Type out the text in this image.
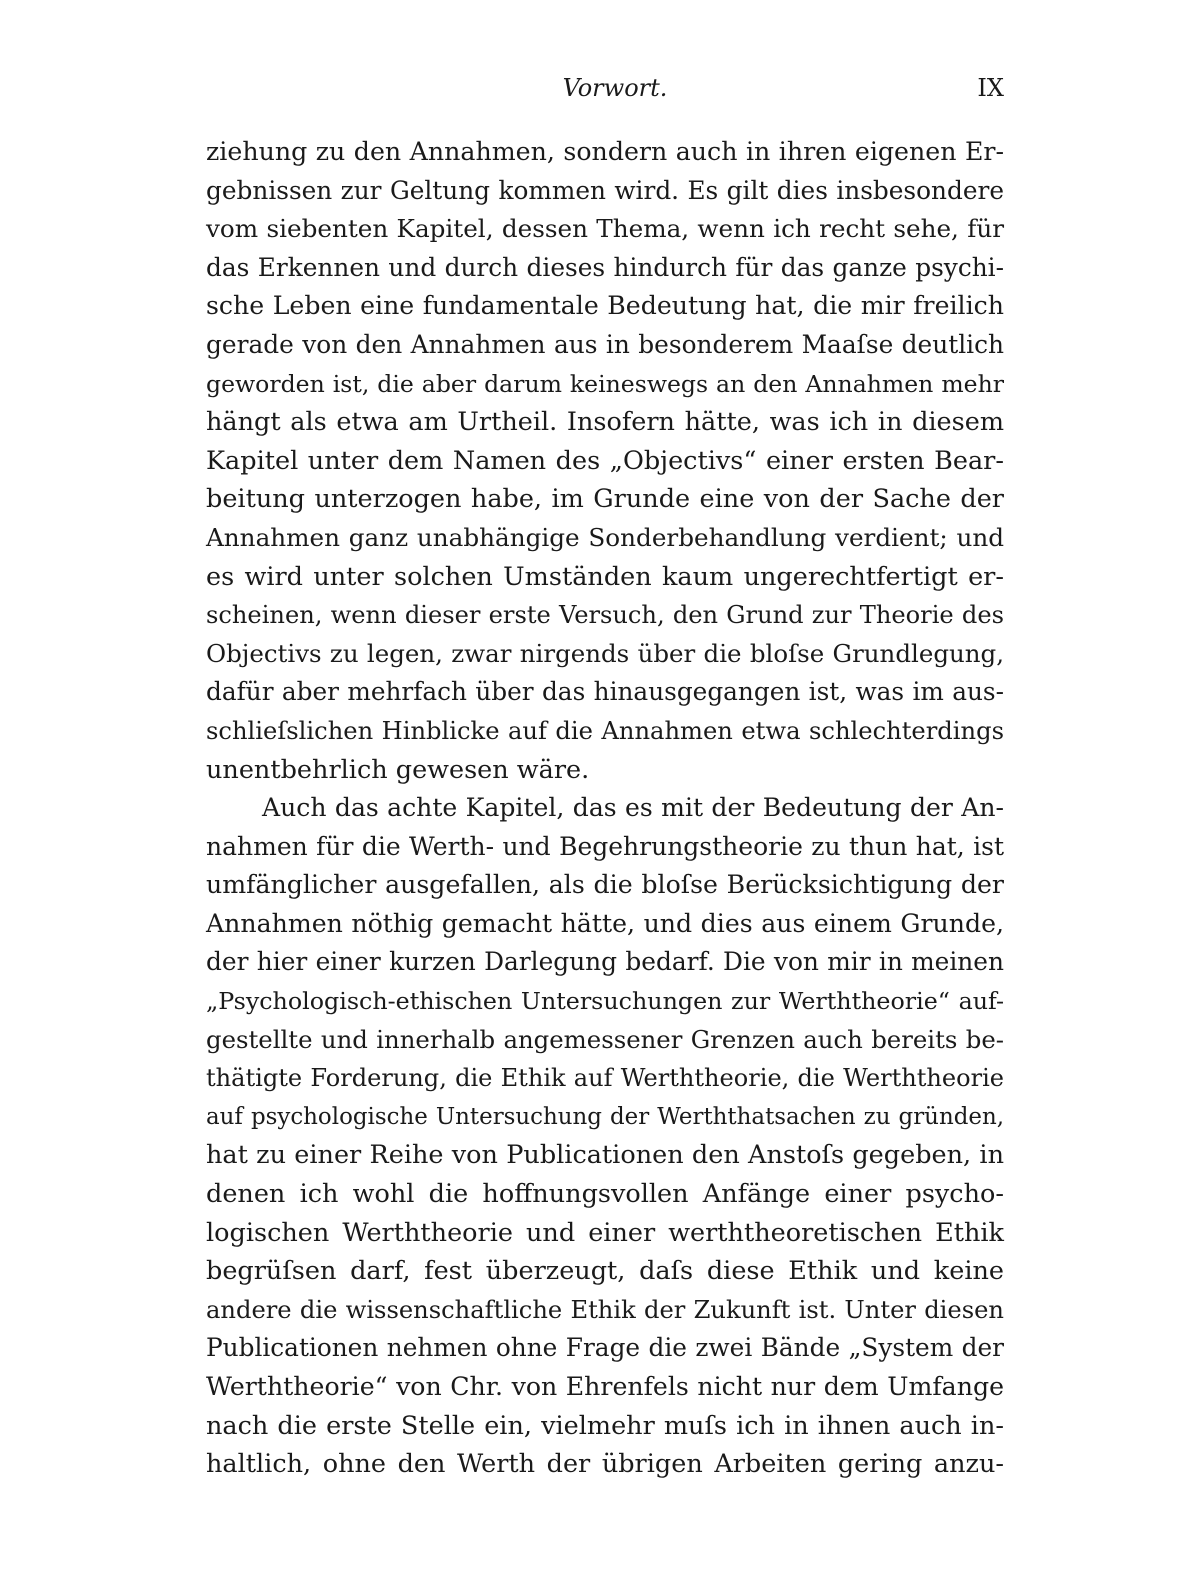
Vorwort.	IX
ziehung zu den Annahmen, sondern auch in ihren eigenen Er-
gebnissen zur Geltung kommen wird. Es gilt dies insbesondere
vom siebenten Kapitel, dessen Thema, wenn ich recht sehe, für
das Erkennen und durch dieses hindurch für das ganze psychi-
sche Leben eine fundamentale Bedeutung hat, die mir freilich
gerade von den Annahmen aus in besonderem Maaſse deutlich
geworden ist, die aber darum keineswegs an den Annahmen mehr
hängt als etwa am Urtheil. Insofern hätte, was ich in diesem
Kapitel unter dem Namen des „Objectivs“ einer ersten Bear-
beitung unterzogen habe, im Grunde eine von der Sache der
Annahmen ganz unabhängige Sonderbehandlung verdient; und
es wird unter solchen Umständen kaum ungerechtfertigt er-
scheinen, wenn dieser erste Versuch, den Grund zur Theorie des
Objectivs zu legen, zwar nirgends über die bloſse Grundlegung,
dafür aber mehrfach über das hinausgegangen ist, was im aus-
schlieſslichen Hinblicke auf die Annahmen etwa schlechterdings
unentbehrlich gewesen wäre.
Auch das achte Kapitel, das es mit der Bedeutung der An-
nahmen für die Werth- und Begehrungstheorie zu thun hat, ist
umfänglicher ausgefallen, als die bloſse Berücksichtigung der
Annahmen nöthig gemacht hätte, und dies aus einem Grunde,
der hier einer kurzen Darlegung bedarf. Die von mir in meinen
„Psychologisch-ethischen Untersuchungen zur Werththeorie“ auf-
gestellte und innerhalb angemessener Grenzen auch bereits be-
thätigte Forderung, die Ethik auf Werththeorie, die Werththeorie
auf psychologische Untersuchung der Werththatsachen zu gründen,
hat zu einer Reihe von Publicationen den Anstoſs gegeben, in
denen ich wohl die hoffnungsvollen Anfänge einer psycho-
logischen Werththeorie und einer werththeoretischen Ethik
begrüſsen darf, fest überzeugt, daſs diese Ethik und keine
andere die wissenschaftliche Ethik der Zukunft ist. Unter diesen
Publicationen nehmen ohne Frage die zwei Bände „System der
Werththeorie“ von Chr. von Ehrenfels nicht nur dem Umfange
nach die erste Stelle ein, vielmehr muſs ich in ihnen auch in-
haltlich, ohne den Werth der übrigen Arbeiten gering anzu-
